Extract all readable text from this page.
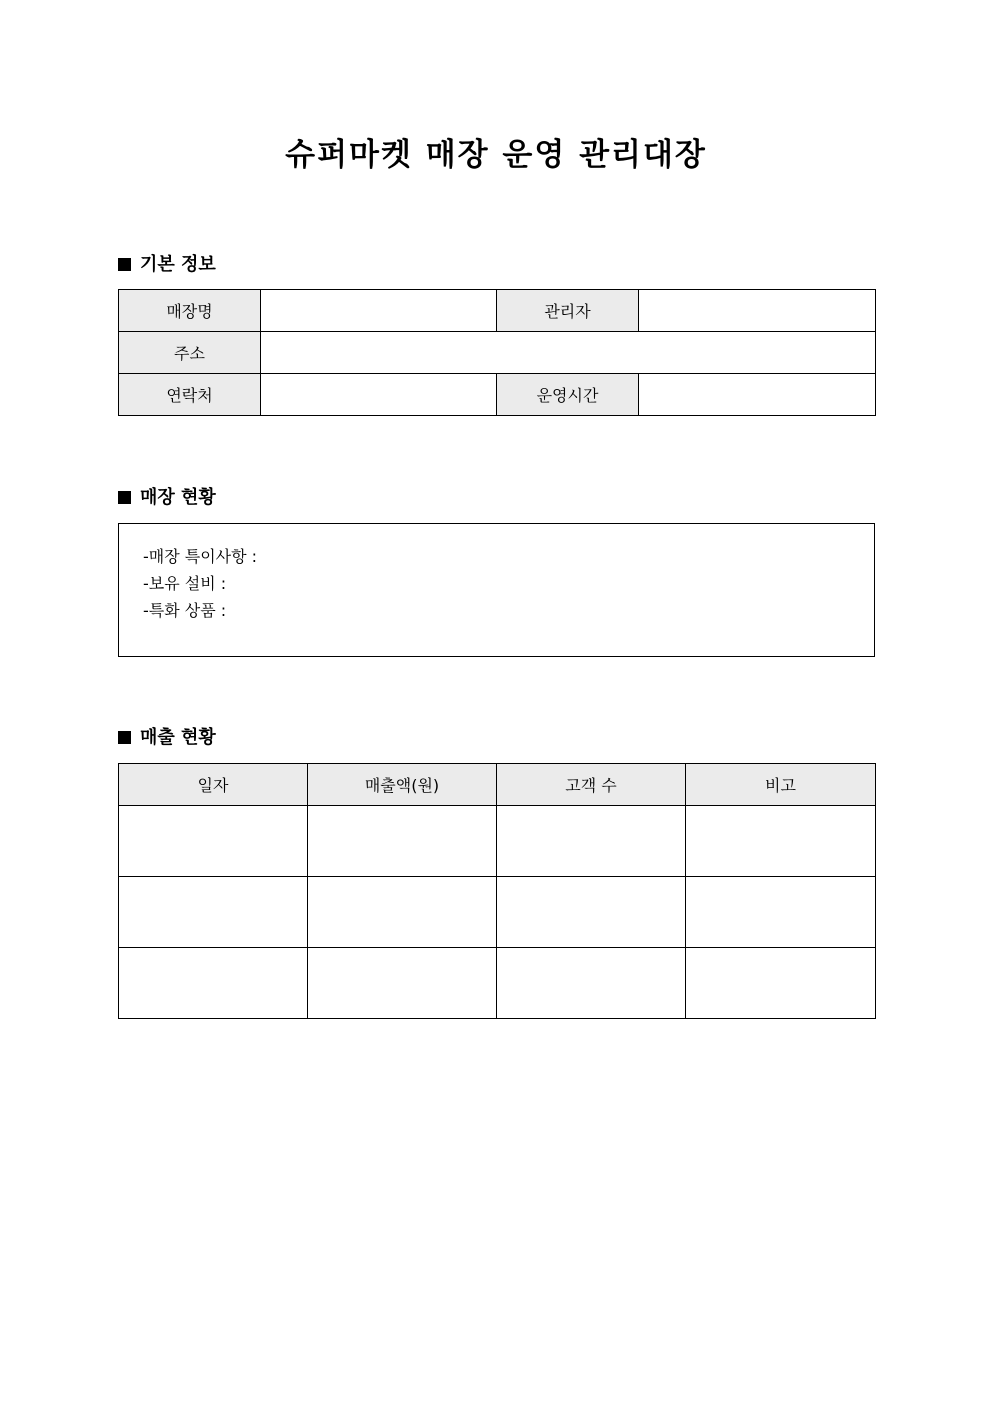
슈퍼마켓 매장 운영 관리대장
기본 정보
매장명		관리자	
주소			
연락처		운영시간	
매장 현황
-매장 특이사항 :
-보유 설비 :
-특화 상품 :
매출 현황
일자	매출액(원)	고객 수	비고
